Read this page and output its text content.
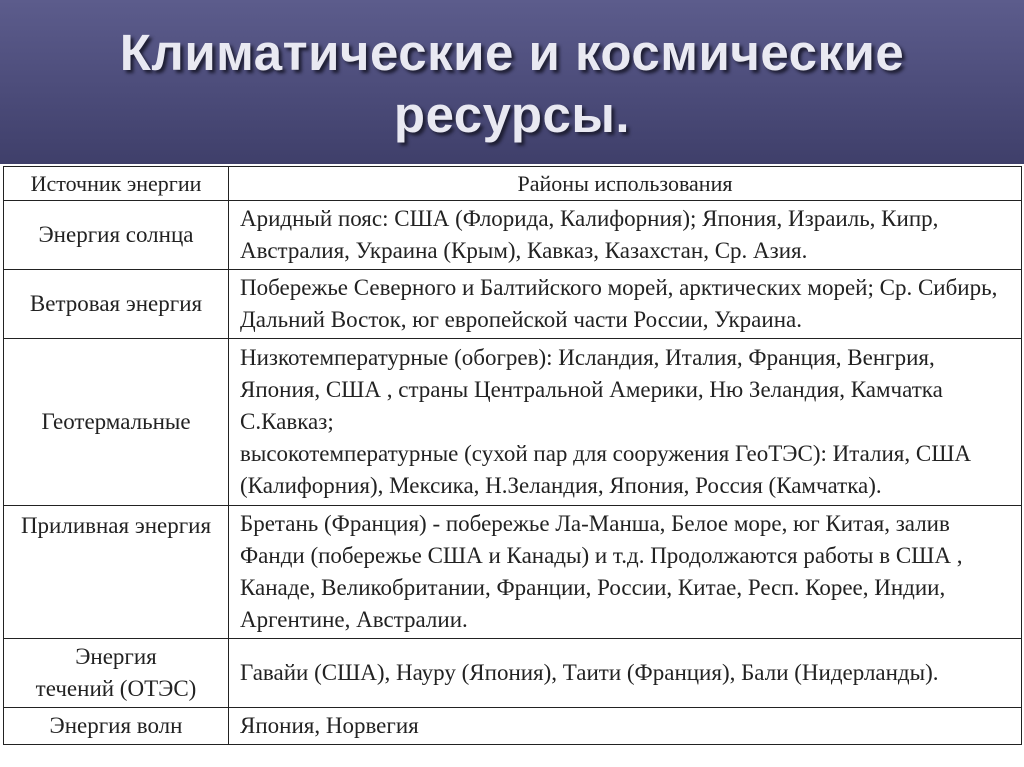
Климатические и космические ресурсы.
Источник энергии	Районы использования
Энергия солнца	Аридный пояс: США (Флорида, Калифорния); Япония, Израиль, Кипр, Австралия, Украина (Крым), Кавказ, Казахстан, Ср. Азия.
Ветровая энергия	Побережье Северного и Балтийского морей, арктических морей; Ср. Сибирь, Дальний Восток, юг европейской части России, Украина.
Геотермальные	Низкотемпературные (обогрев): Исландия, Италия, Франция, Венгрия, Япония, США , страны Центральной Америки, Ню Зеландия, Камчатка С.Кавказ;
высокотемпературные (сухой пар для сооружения ГеоТЭС): Италия, США (Калифорния), Мексика, Н.Зеландия, Япония, Россия (Камчатка).

Приливная энергия	Бретань (Франция) - побережье Ла-Манша, Белое море, юг Китая, залив Фанди (побережье США и Канады) и т.д. Продолжаются работы в США , Канаде, Великобритании, Франции, России, Китае, Респ. Корее, Индии, Аргентине, Австралии.
Энергия течений (ОТЭС)	Гавайи (США), Науру (Япония), Таити (Франция), Бали (Нидерланды).
Энергия волн	Япония, Норвегия
